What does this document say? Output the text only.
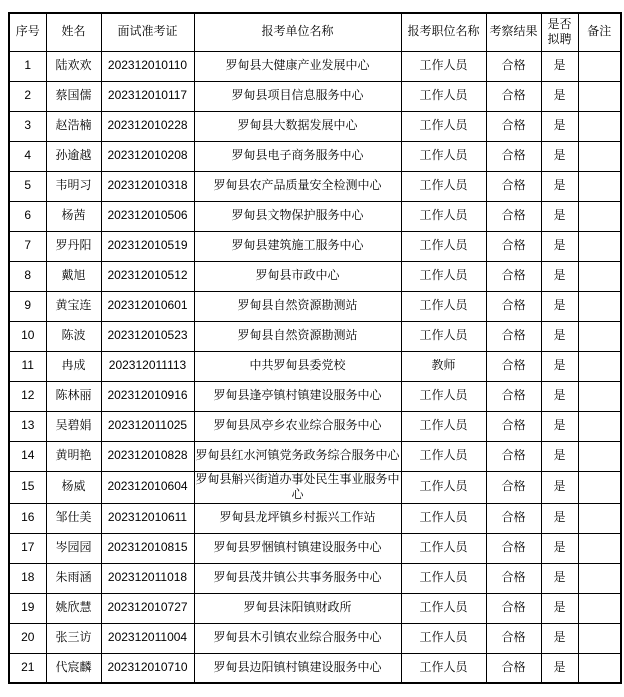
序号	姓名	面试准考证	报考单位名称	报考职位名称	考察结果	是否拟聘	备注
1	陆欢欢	202312010110	罗甸县大健康产业发展中心	工作人员	合格	是	
2	蔡国儒	202312010117	罗甸县项目信息服务中心	工作人员	合格	是	
3	赵浩楠	202312010228	罗甸县大数据发展中心	工作人员	合格	是	
4	孙逾越	202312010208	罗甸县电子商务服务中心	工作人员	合格	是	
5	韦明习	202312010318	罗甸县农产品质量安全检测中心	工作人员	合格	是	
6	杨茜	202312010506	罗甸县文物保护服务中心	工作人员	合格	是	
7	罗丹阳	202312010519	罗甸县建筑施工服务中心	工作人员	合格	是	
8	戴旭	202312010512	罗甸县市政中心	工作人员	合格	是	
9	黄宝连	202312010601	罗甸县自然资源勘测站	工作人员	合格	是	
10	陈波	202312010523	罗甸县自然资源勘测站	工作人员	合格	是	
11	冉成	202312011113	中共罗甸县委党校	教师	合格	是	
12	陈林丽	202312010916	罗甸县逢亭镇村镇建设服务中心	工作人员	合格	是	
13	吴碧娟	202312011025	罗甸县凤亭乡农业综合服务中心	工作人员	合格	是	
14	黄明艳	202312010828	罗甸县红水河镇党务政务综合服务中心	工作人员	合格	是	
15	杨威	202312010604	罗甸县斛兴街道办事处民生事业服务中心	工作人员	合格	是	
16	邹仕美	202312010611	罗甸县龙坪镇乡村振兴工作站	工作人员	合格	是	
17	岑园园	202312010815	罗甸县罗悃镇村镇建设服务中心	工作人员	合格	是	
18	朱雨涵	202312011018	罗甸县茂井镇公共事务服务中心	工作人员	合格	是	
19	姚欣慧	202312010727	罗甸县沫阳镇财政所	工作人员	合格	是	
20	张三访	202312011004	罗甸县木引镇农业综合服务中心	工作人员	合格	是	
21	代宸麟	202312010710	罗甸县边阳镇村镇建设服务中心	工作人员	合格	是	
